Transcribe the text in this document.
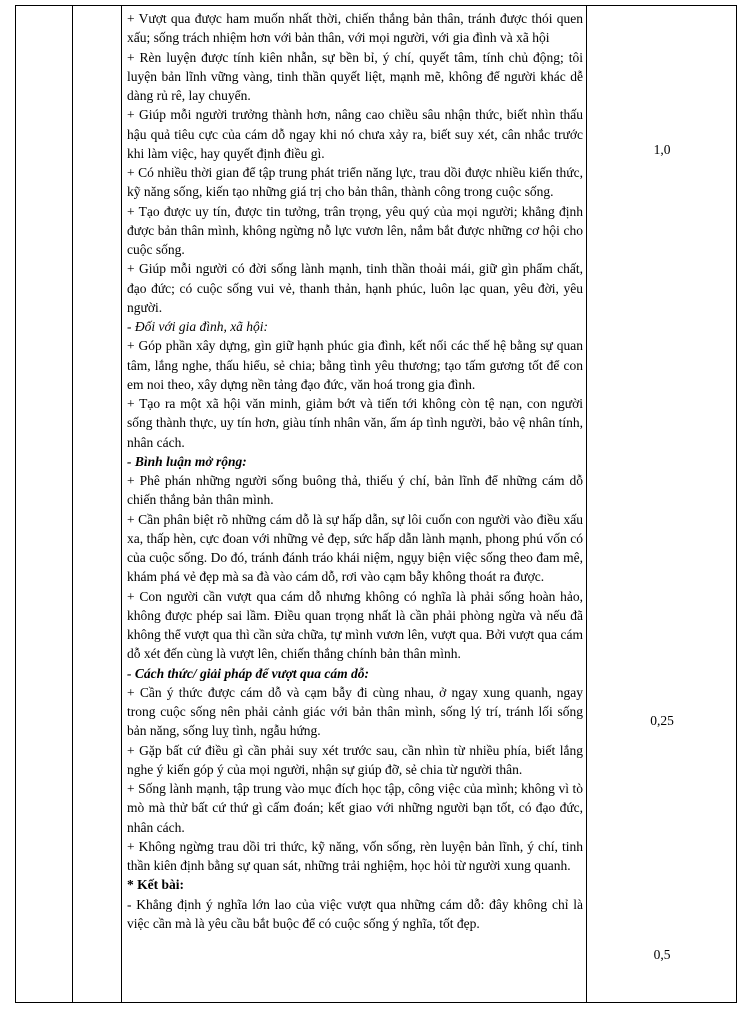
+ Vượt qua được ham muốn nhất thời, chiến thắng bản thân, tránh được thói quen xấu; sống trách nhiệm hơn với bản thân, với mọi người, với gia đình và xã hội

+ Rèn luyện được tính kiên nhẫn, sự bền bỉ, ý chí, quyết tâm, tính chủ động; tôi luyện bản lĩnh vững vàng, tinh thần quyết liệt, mạnh mẽ, không để người khác dễ dàng rủ rê, lay chuyển.

+ Giúp mỗi người trưởng thành hơn, nâng cao chiều sâu nhận thức, biết nhìn thấu hậu quả tiêu cực của cám dỗ ngay khi nó chưa xảy ra, biết suy xét, cân nhắc trước khi làm việc, hay quyết định điều gì.

+ Có nhiều thời gian để tập trung phát triển năng lực, trau dồi được nhiều kiến thức, kỹ năng sống, kiến tạo những giá trị cho bản thân, thành công trong cuộc sống.

+ Tạo được uy tín, được tin tưởng, trân trọng, yêu quý của mọi người; khẳng định được bản thân mình, không ngừng nỗ lực vươn lên, nắm bắt được những cơ hội cho cuộc sống.

+ Giúp mỗi người có đời sống lành mạnh, tinh thần thoải mái, giữ gìn phẩm chất, đạo đức; có cuộc sống vui vẻ, thanh thản, hạnh phúc, luôn lạc quan, yêu đời, yêu người.

- Đối với gia đình, xã hội:

+ Góp phần xây dựng, gìn giữ hạnh phúc gia đình, kết nối các thế hệ bằng sự quan tâm, lắng nghe, thấu hiểu, sẻ chia; bằng tình yêu thương; tạo tấm gương tốt để con em noi theo, xây dựng nền tảng đạo đức, văn hoá trong gia đình.

+ Tạo ra một xã hội văn minh, giảm bớt và tiến tới không còn tệ nạn, con người sống thành thực, uy tín hơn, giàu tính nhân văn, ấm áp tình người, bảo vệ nhân tính, nhân cách.

- Bình luận mở rộng:

+ Phê phán những người sống buông thả, thiếu ý chí, bản lĩnh để những cám dỗ chiến thắng bản thân mình.

+ Cần phân biệt rõ những cám dỗ là sự hấp dẫn, sự lôi cuốn con người vào điều xấu xa, thấp hèn, cực đoan với những vẻ đẹp, sức hấp dẫn lành mạnh, phong phú vốn có của cuộc sống. Do đó, tránh đánh tráo khái niệm, ngụy biện việc sống theo đam mê, khám phá vẻ đẹp mà sa đà vào cám dỗ, rơi vào cạm bẫy không thoát ra được.

+ Con người cần vượt qua cám dỗ nhưng không có nghĩa là phải sống hoàn hảo, không được phép sai lầm. Điều quan trọng nhất là cần phải phòng ngừa và nếu đã không thể vượt qua thì cần sửa chữa, tự mình vươn lên, vượt qua. Bởi vượt qua cám dỗ xét đến cùng là vượt lên, chiến thắng chính bản thân mình.

- Cách thức/ giải pháp để vượt qua cám dỗ:

+ Cần ý thức được cám dỗ và cạm bẫy đi cùng nhau, ở ngay xung quanh, ngay trong cuộc sống nên phải cảnh giác với bản thân mình, sống lý trí, tránh lối sống bản năng, sống luỵ tình, ngẫu hứng.

+ Gặp bất cứ điều gì cần phải suy xét trước sau, cần nhìn từ nhiều phía, biết lắng nghe ý kiến góp ý của mọi người, nhận sự giúp đỡ, sẻ chia từ người thân.

+ Sống lành mạnh, tập trung vào mục đích học tập, công việc của mình; không vì tò mò mà thử bất cứ thứ gì cấm đoán; kết giao với những người bạn tốt, có đạo đức, nhân cách.

+ Không ngừng trau dồi tri thức, kỹ năng, vốn sống, rèn luyện bản lĩnh, ý chí, tinh thần kiên định bằng sự quan sát, những trải nghiệm, học hỏi từ người xung quanh.

* Kết bài:

- Khẳng định ý nghĩa lớn lao của việc vượt qua những cám dỗ: đây không chỉ là việc cần mà là yêu cầu bắt buộc để có cuộc sống ý nghĩa, tốt đẹp.

1,0
0,25
0,5
